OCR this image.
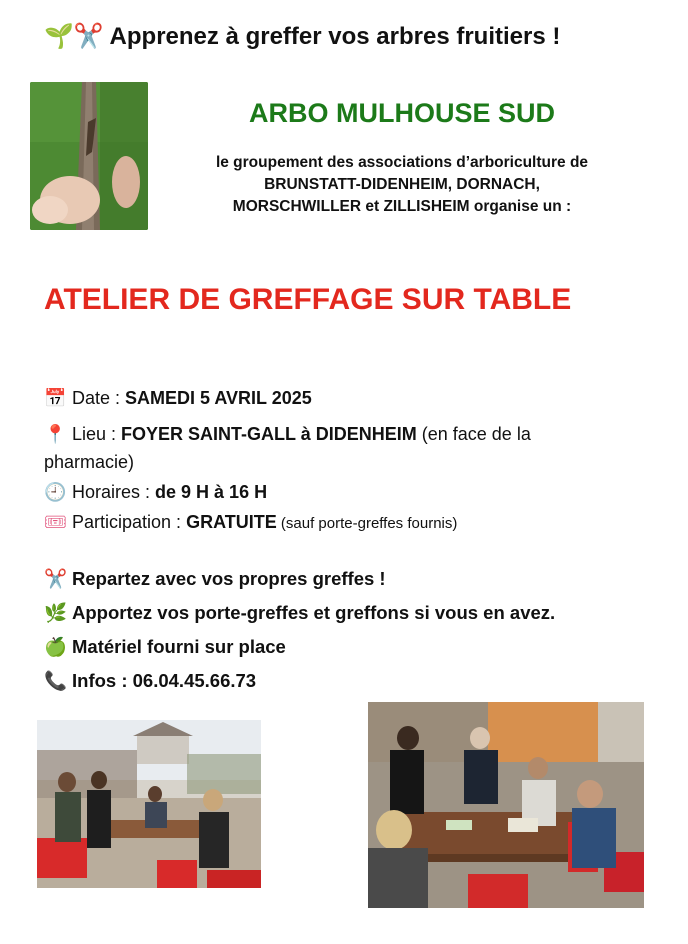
🌱✂️ Apprenez à greffer vos arbres fruitiers !
ARBO MULHOUSE SUD
le groupement des associations d’arboriculture de
BRUNSTATT-DIDENHEIM, DORNACH,
MORSCHWILLER et ZILLISHEIM organise un :
ATELIER DE GREFFAGE SUR TABLE
📅 Date : SAMEDI 5 AVRIL 2025
📍 Lieu : FOYER SAINT-GALL à DIDENHEIM (en face de la
pharmacie)
🕘 Horaires : de 9 H à 16 H
🎟 Participation : GRATUITE (sauf porte-greffes fournis)
✂️ Repartez avec vos propres greffes !
🌿 Apportez vos porte-greffes et greffons si vous en avez.
🍏 Matériel fourni sur place
📞 Infos : 06.04.45.66.73
